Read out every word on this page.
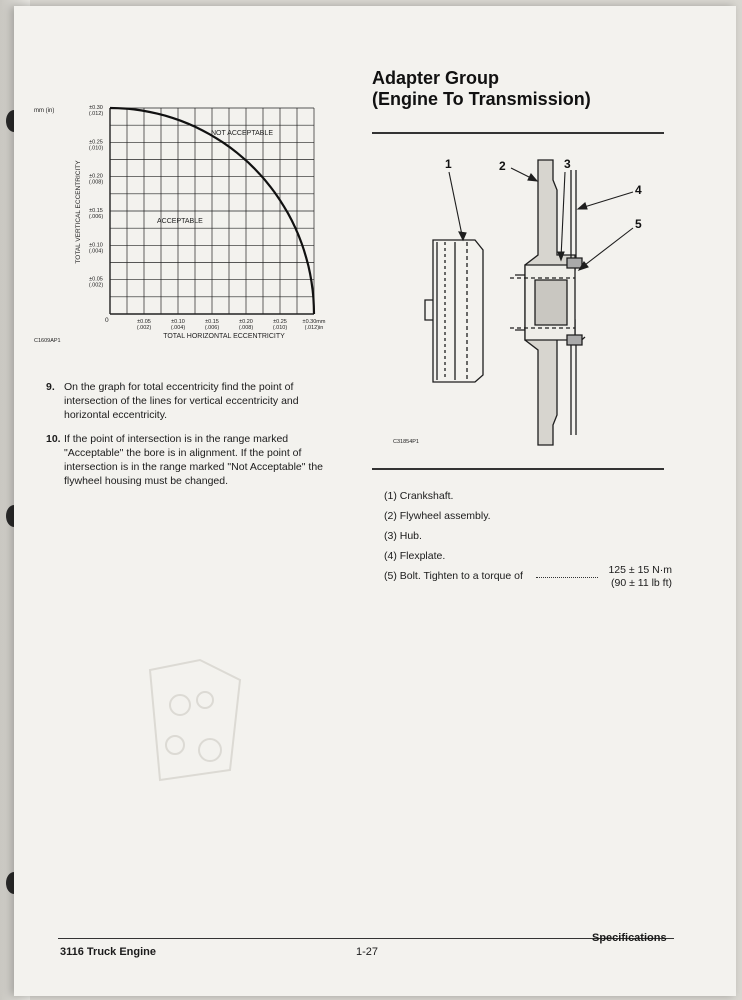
mm (in)	±0.30
(.012)
±0.25
(.010)
±0.20
(.008)
±0.15
(.006)
±0.10
(.004)
±0.05
(.002)
±0.05
(.002)
±0.10
(.004)
±0.15
(.006)
±0.20
(.008)
±0.25
(.010)
±0.30mm
(.012)in
TOTAL VERTICAL ECCENTRICITY
TOTAL HORIZONTAL ECCENTRICITY
0
NOT ACCEPTABLE
ACCEPTABLE
C1609AP1
9. On the graph for total eccentricity find the point of intersection of the lines for vertical eccentricity and horizontal eccentricity.
10. If the point of intersection is in the range marked "Acceptable" the bore is in alignment. If the point of intersection is in the range marked "Not Acceptable" the flywheel housing must be changed.
Adapter Group
(Engine To Transmission)
1	2	3
4
5
C31854P1
(1) Crankshaft.
(2) Flywheel assembly.
(3) Hub.
(4) Flexplate.
(5) Bolt. Tighten to a torque of	125 ± 15 N·m
(90 ± 11 lb ft)
3116 Truck Engine	1-27
Specifications
